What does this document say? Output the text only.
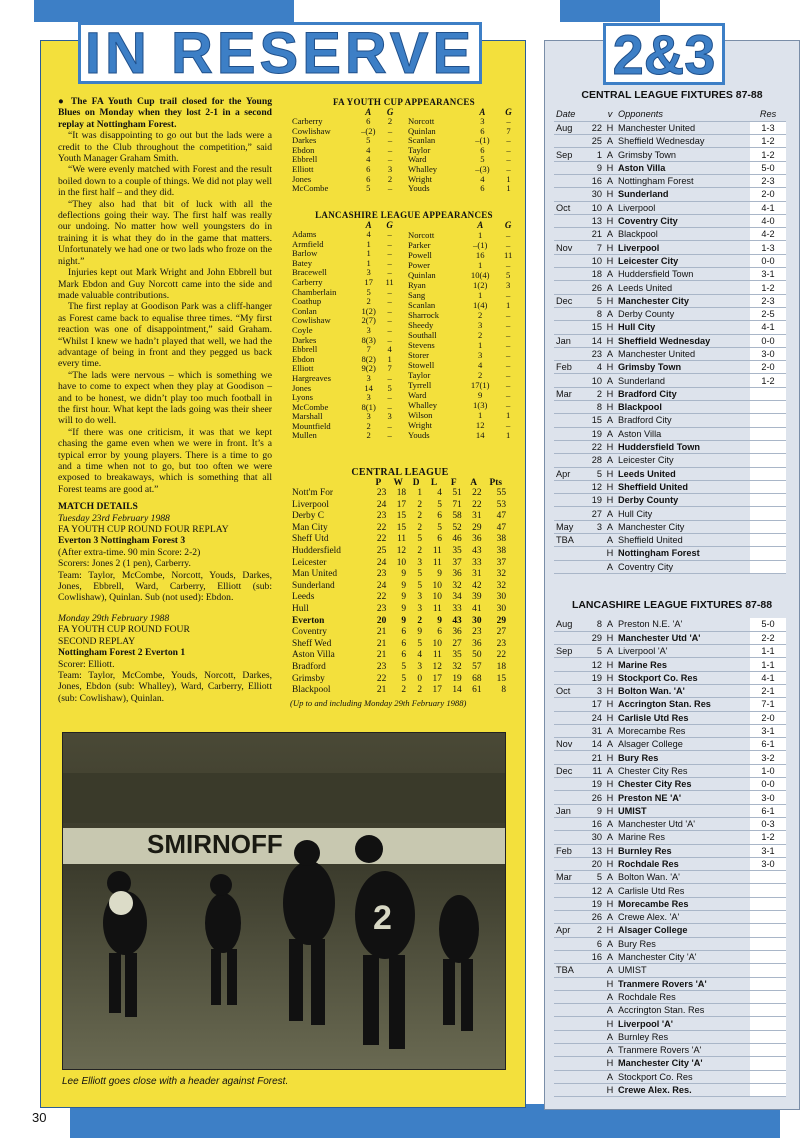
IN RESERVE

● The FA Youth Cup trail closed for the Young Blues on Monday when they lost 2-1 in a second replay at Nottingham Forest.

“It was disappointing to go out but the lads were a credit to the Club throughout the competition,” said Youth Manager Graham Smith.

“We were evenly matched with Forest and the result boiled down to a couple of things. We did not play well in the first half – and they did.

“They also had that bit of luck with all the deflections going their way. The first half was really our undoing. No matter how well youngsters do in training it is what they do in the game that matters. Unfortunately we had one or two lads who froze on the night.”

Injuries kept out Mark Wright and John Ebbrell but Mark Ebdon and Guy Norcott came into the side and made valuable contributions.

The first replay at Goodison Park was a cliff-hanger as Forest came back to equalise three times. “My first reaction was one of disappointment,” said Graham. “Whilst I knew we hadn’t played that well, we had the advantage of being in front and they pegged us back every time.

“The lads were nervous – which is something we have to come to expect when they play at Goodison – and to be honest, we didn’t play too much football in the first hour. What kept the lads going was their sheer will to do well.

“If there was one criticism, it was that we kept chasing the game even when we were in front. It’s a typical error by young players. There is a time to go and a time when not to go, but too often we were exposed to breakaways, which is something that all Forest teams are good at.”

MATCH DETAILS

Tuesday 23rd February 1988

FA YOUTH CUP ROUND FOUR REPLAY

Everton 3 Nottingham Forest 3

(After extra-time. 90 min Score: 2-2)

Scorers: Jones 2 (1 pen), Carberry.

Team: Taylor, McCombe, Norcott, Youds, Darkes, Jones, Ebbrell, Ward, Carberry, Elliott (sub: Cowlishaw), Quinlan. Sub (not used): Ebdon.

Monday 29th February 1988

FA YOUTH CUP ROUND FOUR

SECOND REPLAY

Nottingham Forest 2 Everton 1

Scorer: Elliott.

Team: Taylor, McCombe, Youds, Norcott, Darkes, Jones, Ebdon (sub: Whalley), Ward, Carberry, Elliott (sub: Cowlishaw), Quinlan.

FA YOUTH CUP APPEARANCES
	A	G
Carberry	6	2
Cowlishaw	–(2)	–
Darkes	5	–
Ebdon	4	–
Ebbrell	4	–
Elliott	6	3
Jones	6	2
McCombe	5	–
	A	G
Norcott	3	–
Quinlan	6	7
Scanlan	–(1)	–
Taylor	6	–
Ward	5	–
Whalley	–(3)	–
Wright	4	1
Youds	6	1
LANCASHIRE LEAGUE APPEARANCES
	A	G
Adams	4	–
Armfield	1	–
Barlow	1	–
Batey	1	–
Bracewell	3	–
Carberry	17	11
Chamberlain	5	–
Coathup	2	–
Conlan	1(2)	–
Cowlishaw	2(7)	–
Coyle	3	–
Darkes	8(3)	–
Ebbrell	7	4
Ebdon	8(2)	1
Elliott	9(2)	7
Hargreaves	3	–
Jones	14	5
Lyons	3	–
McCombe	8(1)	–
Marshall	3	3
Mountfield	2	–
Mullen	2	–
	A	G
Norcott	1	–
Parker	–(1)	–
Powell	16	11
Power	1	–
Quinlan	10(4)	5
Ryan	1(2)	3
Sang	1	–
Scanlan	1(4)	1
Sharrock	2	–
Sheedy	3	–
Southall	2	–
Stevens	1	–
Storer	3	–
Stowell	4	–
Taylor	2	–
Tyrrell	17(1)	–
Ward	9	–
Whalley	1(3)	–
Wilson	1	1
Wright	12	–
Youds	14	1
CENTRAL LEAGUE
	P	W	D	L	F	A	Pts
Nott'm For	23	18	1	4	51	22	55
Liverpool	24	17	2	5	71	22	53
Derby C	23	15	2	6	58	31	47
Man City	22	15	2	5	52	29	47
Sheff Utd	22	11	5	6	46	36	38
Huddersfield	25	12	2	11	35	43	38
Leicester	24	10	3	11	37	33	37
Man United	23	9	5	9	36	31	32
Sunderland	24	9	5	10	32	42	32
Leeds	22	9	3	10	34	39	30
Hull	23	9	3	11	33	41	30
Everton	20	9	2	9	43	30	29
Coventry	21	6	9	6	36	23	27
Sheff Wed	21	6	5	10	27	36	23
Aston Villa	21	6	4	11	35	50	22
Bradford	23	5	3	12	32	57	18
Grimsby	22	5	0	17	19	68	15
Blackpool	21	2	2	17	14	61	8
(Up to and including Monday 29th February 1988)
SMIRNOFF
2
Lee Elliott goes close with a header against Forest.
30
2&3
CENTRAL LEAGUE FIXTURES 87-88
Date		v	Opponents	Res
Aug	22	H	Manchester United	1-3
	25	A	Sheffield Wednesday	1-2
Sep	1	A	Grimsby Town	1-2
	9	H	Aston Villa	5-0
	16	A	Nottingham Forest	2-3
	30	H	Sunderland	2-0
Oct	10	A	Liverpool	4-1
	13	H	Coventry City	4-0
	21	A	Blackpool	4-2
Nov	7	H	Liverpool	1-3
	10	H	Leicester City	0-0
	18	A	Huddersfield Town	3-1
	26	A	Leeds United	1-2
Dec	5	H	Manchester City	2-3
	8	A	Derby County	2-5
	15	H	Hull City	4-1
Jan	14	H	Sheffield Wednesday	0-0
	23	A	Manchester United	3-0
Feb	4	H	Grimsby Town	2-0
	10	A	Sunderland	1-2
Mar	2	H	Bradford City	
	8	H	Blackpool	
	15	A	Bradford City	
	19	A	Aston Villa	
	22	H	Huddersfield Town	
	28	A	Leicester City	
Apr	5	H	Leeds United	
	12	H	Sheffield United	
	19	H	Derby County	
	27	A	Hull City	
May	3	A	Manchester City	
TBA		A	Sheffield United	
		H	Nottingham Forest	
		A	Coventry City	
LANCASHIRE LEAGUE FIXTURES 87-88
Aug	8	A	Preston N.E. 'A'	5-0
	29	H	Manchester Utd 'A'	2-2
Sep	5	A	Liverpool 'A'	1-1
	12	H	Marine Res	1-1
	19	H	Stockport Co. Res	4-1
Oct	3	H	Bolton Wan. 'A'	2-1
	17	H	Accrington Stan. Res	7-1
	24	H	Carlisle Utd Res	2-0
	31	A	Morecambe Res	3-1
Nov	14	A	Alsager College	6-1
	21	H	Bury Res	3-2
Dec	11	A	Chester City Res	1-0
	19	H	Chester City Res	0-0
	26	H	Preston NE 'A'	3-0
Jan	9	H	UMIST	6-1
	16	A	Manchester Utd 'A'	0-3
	30	A	Marine Res	1-2
Feb	13	H	Burnley Res	3-1
	20	H	Rochdale Res	3-0
Mar	5	A	Bolton Wan. 'A'	
	12	A	Carlisle Utd Res	
	19	H	Morecambe Res	
	26	A	Crewe Alex. 'A'	
Apr	2	H	Alsager College	
	6	A	Bury Res	
	16	A	Manchester City 'A'	
TBA		A	UMIST	
		H	Tranmere Rovers 'A'	
		A	Rochdale Res	
		A	Accrington Stan. Res	
		H	Liverpool 'A'	
		A	Burnley Res	
		A	Tranmere Rovers 'A'	
		H	Manchester City 'A'	
		A	Stockport Co. Res	
		H	Crewe Alex. Res.	
